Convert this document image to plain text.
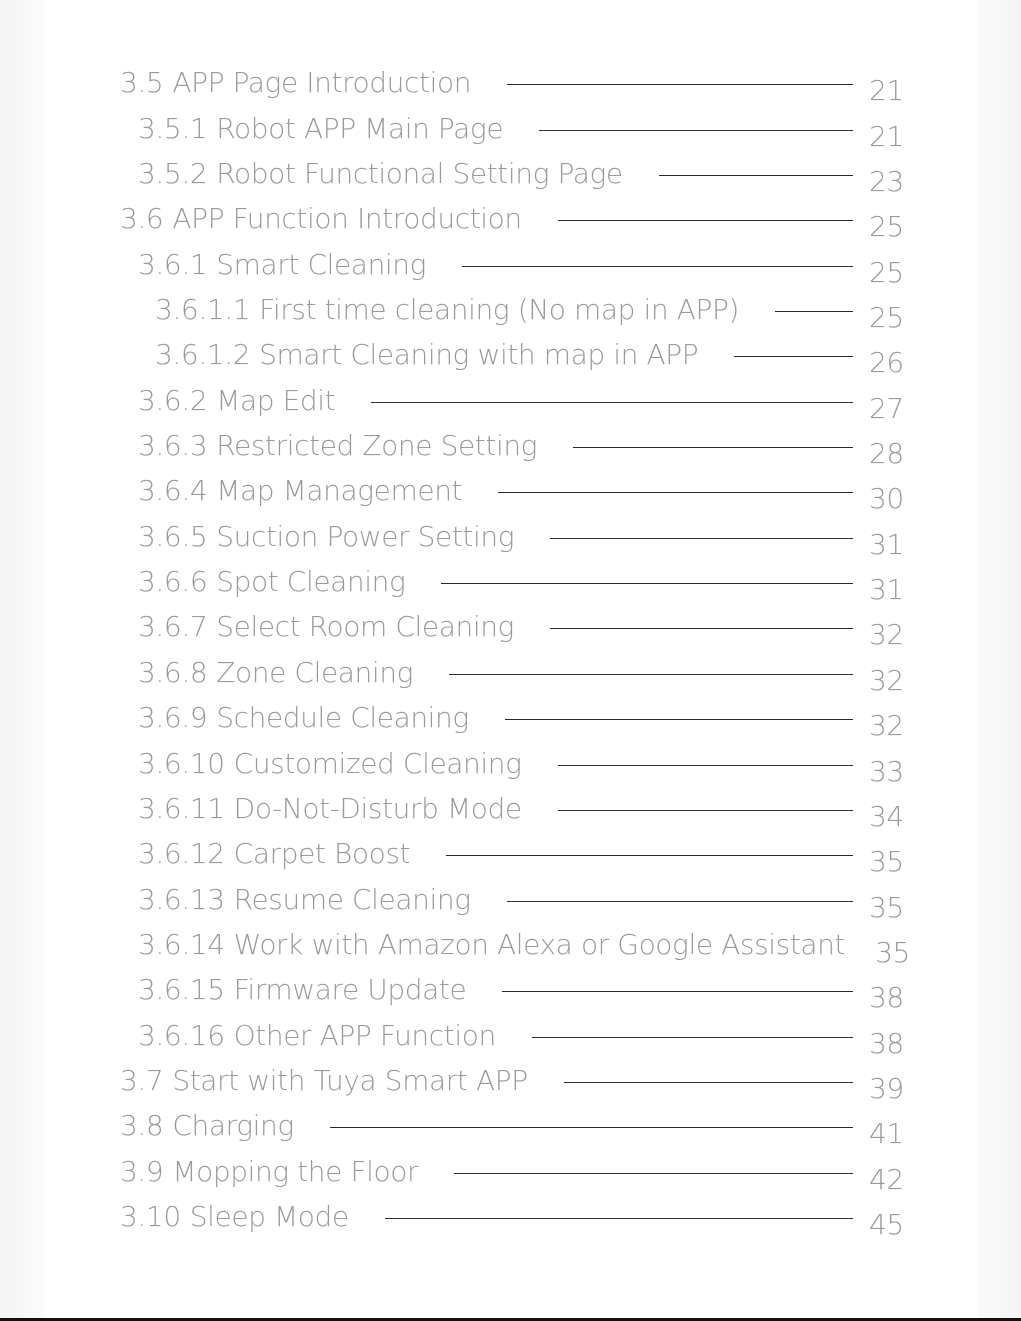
3.5 APP Page Introduction	21
3.5.1 Robot APP Main Page	21
3.5.2 Robot Functional Setting Page	23
3.6 APP Function Introduction	25
3.6.1 Smart Cleaning	25
3.6.1.1 First time cleaning (No map in APP)	25
3.6.1.2 Smart Cleaning with map in APP	26
3.6.2 Map Edit	27
3.6.3 Restricted Zone Setting	28
3.6.4 Map Management	30
3.6.5 Suction Power Setting	31
3.6.6 Spot Cleaning	31
3.6.7 Select Room Cleaning	32
3.6.8 Zone Cleaning	32
3.6.9 Schedule Cleaning	32
3.6.10 Customized Cleaning	33
3.6.11 Do-Not-Disturb Mode	34
3.6.12 Carpet Boost	35
3.6.13 Resume Cleaning	35
3.6.14 Work with Amazon Alexa or Google Assistant 35
3.6.15 Firmware Update	38
3.6.16 Other APP Function	38
3.7 Start with Tuya Smart APP	39
3.8 Charging	41
3.9 Mopping the Floor	42
3.10 Sleep Mode	45
